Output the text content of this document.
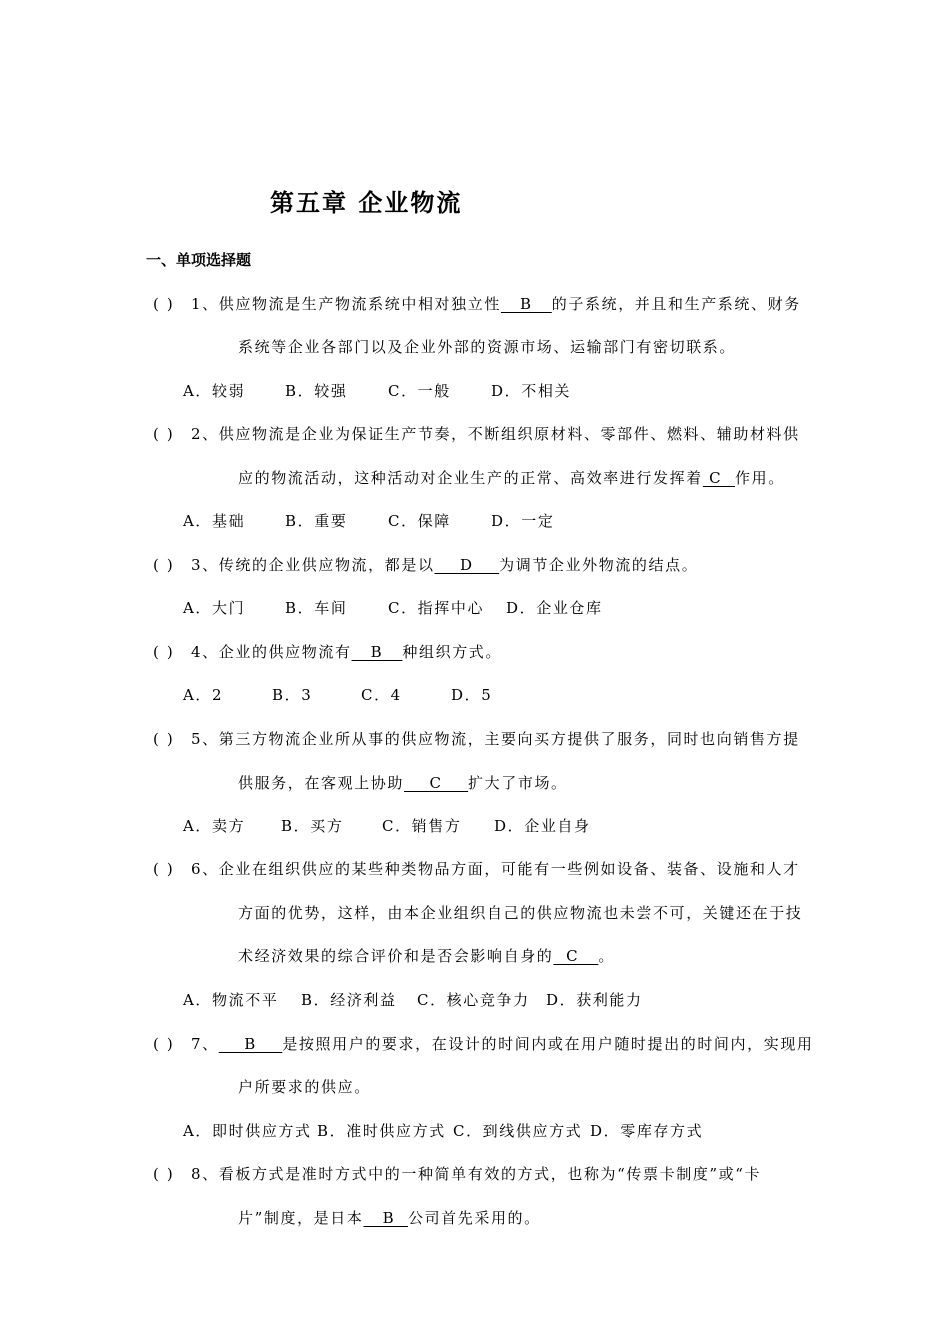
第五章 企业物流
一、单项选择题
( ) 1、供应物流是生产物流系统中相对独立性   B   的子系统，并且和生产系统、财务
系统等企业各部门以及企业外部的资源市场、运输部门有密切联系。
A．较弱	B．较强	C．一般	D．不相关
( ) 2、供应物流是企业为保证生产节奏，不断组织原材料、零部件、燃料、辅助材料供
应的物流活动，这种活动对企业生产的正常、高效率进行发挥着 C  作用。
A．基础	B．重要	C．保障	D．一定
( ) 3、传统的企业供应物流，都是以    D    为调节企业外物流的结点。
A．大门	B．车间	C．指挥中心 D．企业仓库
( ) 4、企业的供应物流有   B   种组织方式。
A．2	B．3	C．4	D．5
( ) 5、第三方物流企业所从事的供应物流，主要向买方提供了服务，同时也向销售方提
供服务，在客观上协助    C    扩大了市场。
A．卖方 B．买方	C．销售方 D．企业自身
( ) 6、企业在组织供应的某些种类物品方面，可能有一些例如设备、装备、设施和人才
方面的优势，这样，由本企业组织自己的供应物流也未尝不可，关键还在于技
术经济效果的综合评价和是否会影响自身的  C   。
A．物流不平 B．经济利益 C．核心竞争力 D．获利能力
( ) 7、    B    是按照用户的要求，在设计的时间内或在用户随时提出的时间内，实现用
户所要求的供应。
A．即时供应方式 B．准时供应方式 C．到线供应方式 D．零库存方式
( ) 8、看板方式是准时方式中的一种简单有效的方式，也称为“传票卡制度”或“卡
片”制度，是日本   B  公司首先采用的。
